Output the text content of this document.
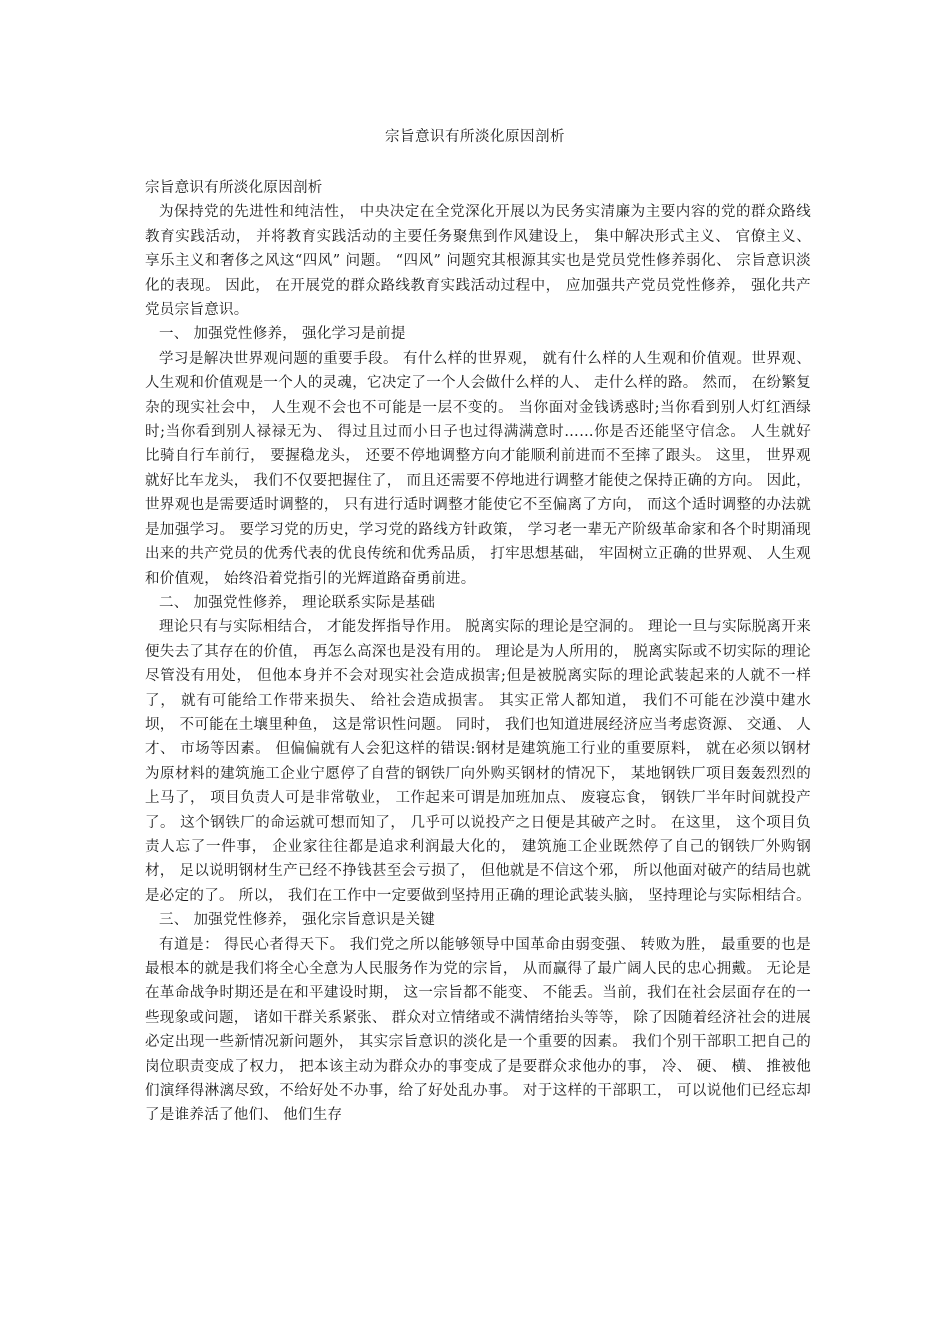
宗旨意识有所淡化原因剖析

宗旨意识有所淡化原因剖析

为保持党的先进性和纯洁性， 中央决定在全党深化开展以为民务实清廉为主要内容的党的群众路线教育实践活动， 并将教育实践活动的主要任务聚焦到作风建设上， 集中解决形式主义、 官僚主义、 享乐主义和奢侈之风这“四风” 问题。 “四风” 问题究其根源其实也是党员党性修养弱化、 宗旨意识淡化的表现。 因此， 在开展党的群众路线教育实践活动过程中， 应加强共产党员党性修养， 强化共产党员宗旨意识。

一、 加强党性修养， 强化学习是前提

学习是解决世界观问题的重要手段。 有什么样的世界观， 就有什么样的人生观和价值观。世界观、 人生观和价值观是一个人的灵魂，它决定了一个人会做什么样的人、 走什么样的路。 然而， 在纷繁复杂的现实社会中， 人生观不会也不可能是一层不变的。 当你面对金钱诱惑时;当你看到别人灯红酒绿时;当你看到别人禄禄无为、 得过且过而小日子也过得满满意时……你是否还能坚守信念。 人生就好比骑自行车前行， 要握稳龙头， 还要不停地调整方向才能顺利前进而不至摔了跟头。 这里， 世界观就好比车龙头， 我们不仅要把握住了， 而且还需要不停地进行调整才能使之保持正确的方向。 因此， 世界观也是需要适时调整的， 只有进行适时调整才能使它不至偏离了方向， 而这个适时调整的办法就是加强学习。 要学习党的历史，学习党的路线方针政策， 学习老一辈无产阶级革命家和各个时期涌现出来的共产党员的优秀代表的优良传统和优秀品质， 打牢思想基础， 牢固树立正确的世界观、 人生观和价值观， 始终沿着党指引的光辉道路奋勇前进。

二、 加强党性修养， 理论联系实际是基础

理论只有与实际相结合， 才能发挥指导作用。 脱离实际的理论是空洞的。 理论一旦与实际脱离开来便失去了其存在的价值， 再怎么高深也是没有用的。 理论是为人所用的， 脱离实际或不切实际的理论尽管没有用处， 但他本身并不会对现实社会造成损害;但是被脱离实际的理论武装起来的人就不一样了， 就有可能给工作带来损失、 给社会造成损害。 其实正常人都知道， 我们不可能在沙漠中建水坝， 不可能在土壤里种鱼， 这是常识性问题。 同时， 我们也知道进展经济应当考虑资源、 交通、 人才、 市场等因素。 但偏偏就有人会犯这样的错误:钢材是建筑施工行业的重要原料， 就在必须以钢材为原材料的建筑施工企业宁愿停了自营的钢铁厂向外购买钢材的情况下， 某地钢铁厂项目轰轰烈烈的上马了， 项目负责人可是非常敬业， 工作起来可谓是加班加点、 废寝忘食， 钢铁厂半年时间就投产了。 这个钢铁厂的命运就可想而知了， 几乎可以说投产之日便是其破产之时。 在这里， 这个项目负责人忘了一件事， 企业家往往都是追求利润最大化的， 建筑施工企业既然停了自己的钢铁厂外购钢材， 足以说明钢材生产已经不挣钱甚至会亏损了， 但他就是不信这个邪， 所以他面对破产的结局也就是必定的了。 所以， 我们在工作中一定要做到坚持用正确的理论武装头脑， 坚持理论与实际相结合。

三、 加强党性修养， 强化宗旨意识是关键

有道是： 得民心者得天下。 我们党之所以能够领导中国革命由弱变强、 转败为胜， 最重要的也是最根本的就是我们将全心全意为人民服务作为党的宗旨， 从而赢得了最广阔人民的忠心拥戴。 无论是在革命战争时期还是在和平建设时期， 这一宗旨都不能变、 不能丢。当前，我们在社会层面存在的一些现象或问题， 诸如干群关系紧张、 群众对立情绪或不满情绪抬头等等， 除了因随着经济社会的进展必定出现一些新情况新问题外， 其实宗旨意识的淡化是一个重要的因素。 我们个别干部职工把自己的岗位职责变成了权力， 把本该主动为群众办的事变成了是要群众求他办的事， 冷、 硬、 横、 推被他们演绎得淋漓尽致，不给好处不办事，给了好处乱办事。 对于这样的干部职工， 可以说他们已经忘却了是谁养活了他们、 他们生存
